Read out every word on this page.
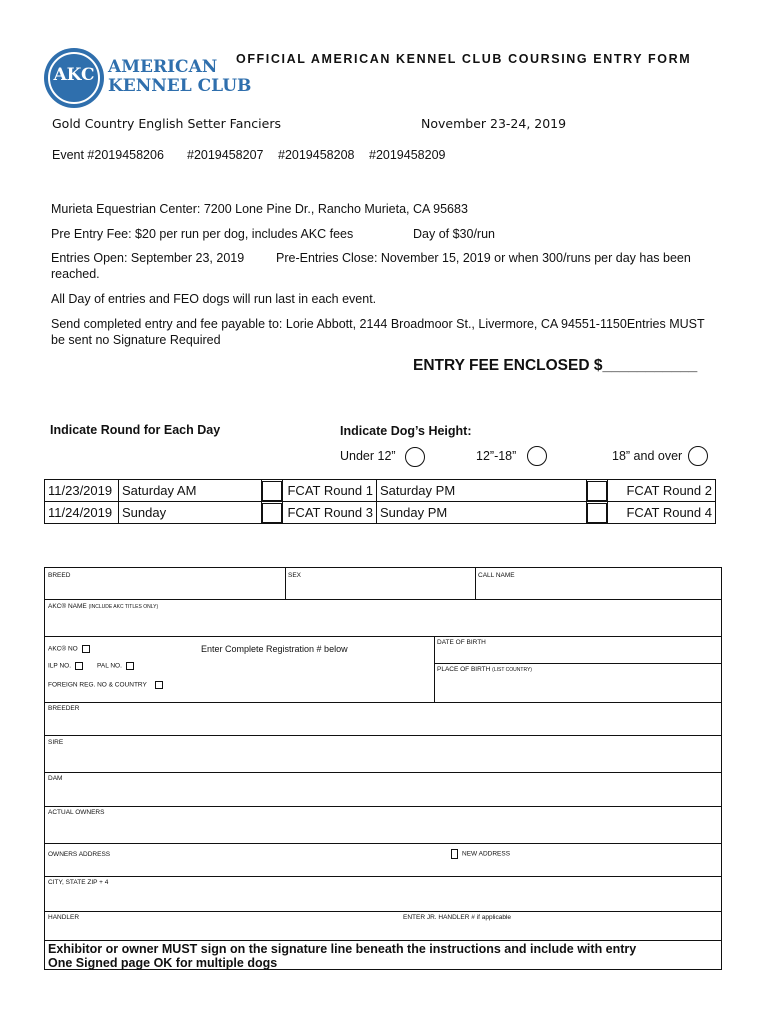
AKC AMERICAN
KENNEL CLUB
OFFICIAL AMERICAN KENNEL CLUB COURSING ENTRY FORM
Gold Country English Setter Fanciers	November 23-24, 2019
Event #2019458206 #2019458207 #2019458208 #2019458209
Murieta Equestrian Center: 7200 Lone Pine Dr., Rancho Murieta, CA 95683
Pre Entry Fee: $20 per run per dog, includes AKC fees	Day of $30/run
Entries Open: September 23, 2019	Pre-Entries Close: November 15, 2019 or when 300/runs per day has been
reached.
All Day of entries and FEO dogs will run last in each event.
Send completed entry and fee payable to: Lorie Abbott, 2144 Broadmoor St., Livermore, CA 94551-1150Entries MUST
be sent no Signature Required
ENTRY FEE ENCLOSED $___________
Indicate Round for Each Day	Indicate Dog’s Height:
Under 12”	12”-18”	18” and over
11/23/2019	Saturday AM		FCAT Round 1	Saturday PM		FCAT Round 2
11/24/2019	Sunday		FCAT Round 3	Sunday PM		FCAT Round 4
BREED	SEX	CALL NAME
AKC® NAME (INCLUDE AKC TITLES ONLY)
AKC® NO	Enter Complete Registration # below
DATE OF BIRTH
ILP NO.	PAL NO.	PLACE OF BIRTH (LIST COUNTRY)
FOREIGN REG. NO & COUNTRY
BREEDER
SIRE
DAM
ACTUAL OWNERS
OWNERS ADDRESS	NEW ADDRESS
CITY, STATE ZIP + 4
HANDLER	ENTER JR. HANDLER # if applicable
Exhibitor or owner MUST sign on the signature line beneath the instructions and include with entry
One Signed page OK for multiple dogs
